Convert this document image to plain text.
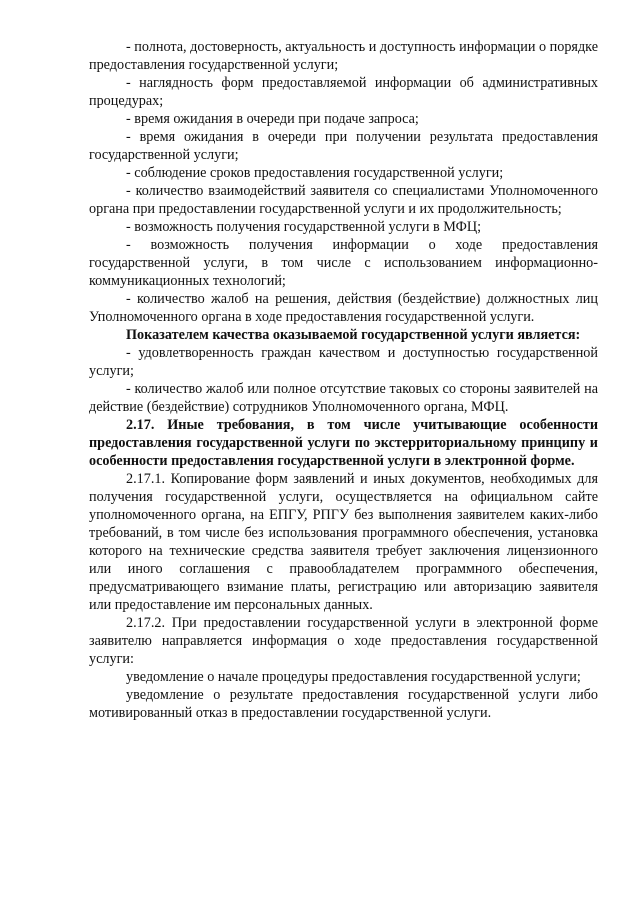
- полнота, достоверность, актуальность и доступность информации о порядке предоставления государственной услуги;

- наглядность форм предоставляемой информации об административных процедурах;

- время ожидания в очереди при подаче запроса;

- время ожидания в очереди при получении результата предоставления государственной услуги;

- соблюдение сроков предоставления государственной услуги;

- количество взаимодействий заявителя со специалистами Уполномоченного органа при предоставлении государственной услуги и их продолжительность;

- возможность получения государственной услуги в МФЦ;

- возможность получения информации о ходе предоставления государственной услуги, в том числе с использованием информационно-коммуникационных технологий;

- количество жалоб на решения, действия (бездействие) должностных лиц Уполномоченного органа в ходе предоставления государственной услуги.

Показателем качества оказываемой государственной услуги является:

- удовлетворенность граждан качеством и доступностью государственной услуги;

- количество жалоб или полное отсутствие таковых со стороны заявителей на действие (бездействие) сотрудников Уполномоченного органа, МФЦ.

2.17. Иные требования, в том числе учитывающие особенности предоставления государственной услуги по экстерриториальному принципу и особенности предоставления государственной услуги в электронной форме.

2.17.1. Копирование форм заявлений и иных документов, необходимых для получения государственной услуги, осуществляется на официальном сайте уполномоченного органа, на ЕПГУ, РПГУ без выполнения заявителем каких-либо требований, в том числе без использования программного обеспечения, установка которого на технические средства заявителя требует заключения лицензионного или иного соглашения с правообладателем программного обеспечения, предусматривающего взимание платы, регистрацию или авторизацию заявителя или предоставление им персональных данных.

2.17.2. При предоставлении государственной услуги в электронной форме заявителю направляется информация о ходе предоставления государственной услуги:

уведомление о начале процедуры предоставления государственной услуги;

уведомление о результате предоставления государственной услуги либо мотивированный отказ в предоставлении государственной услуги.
